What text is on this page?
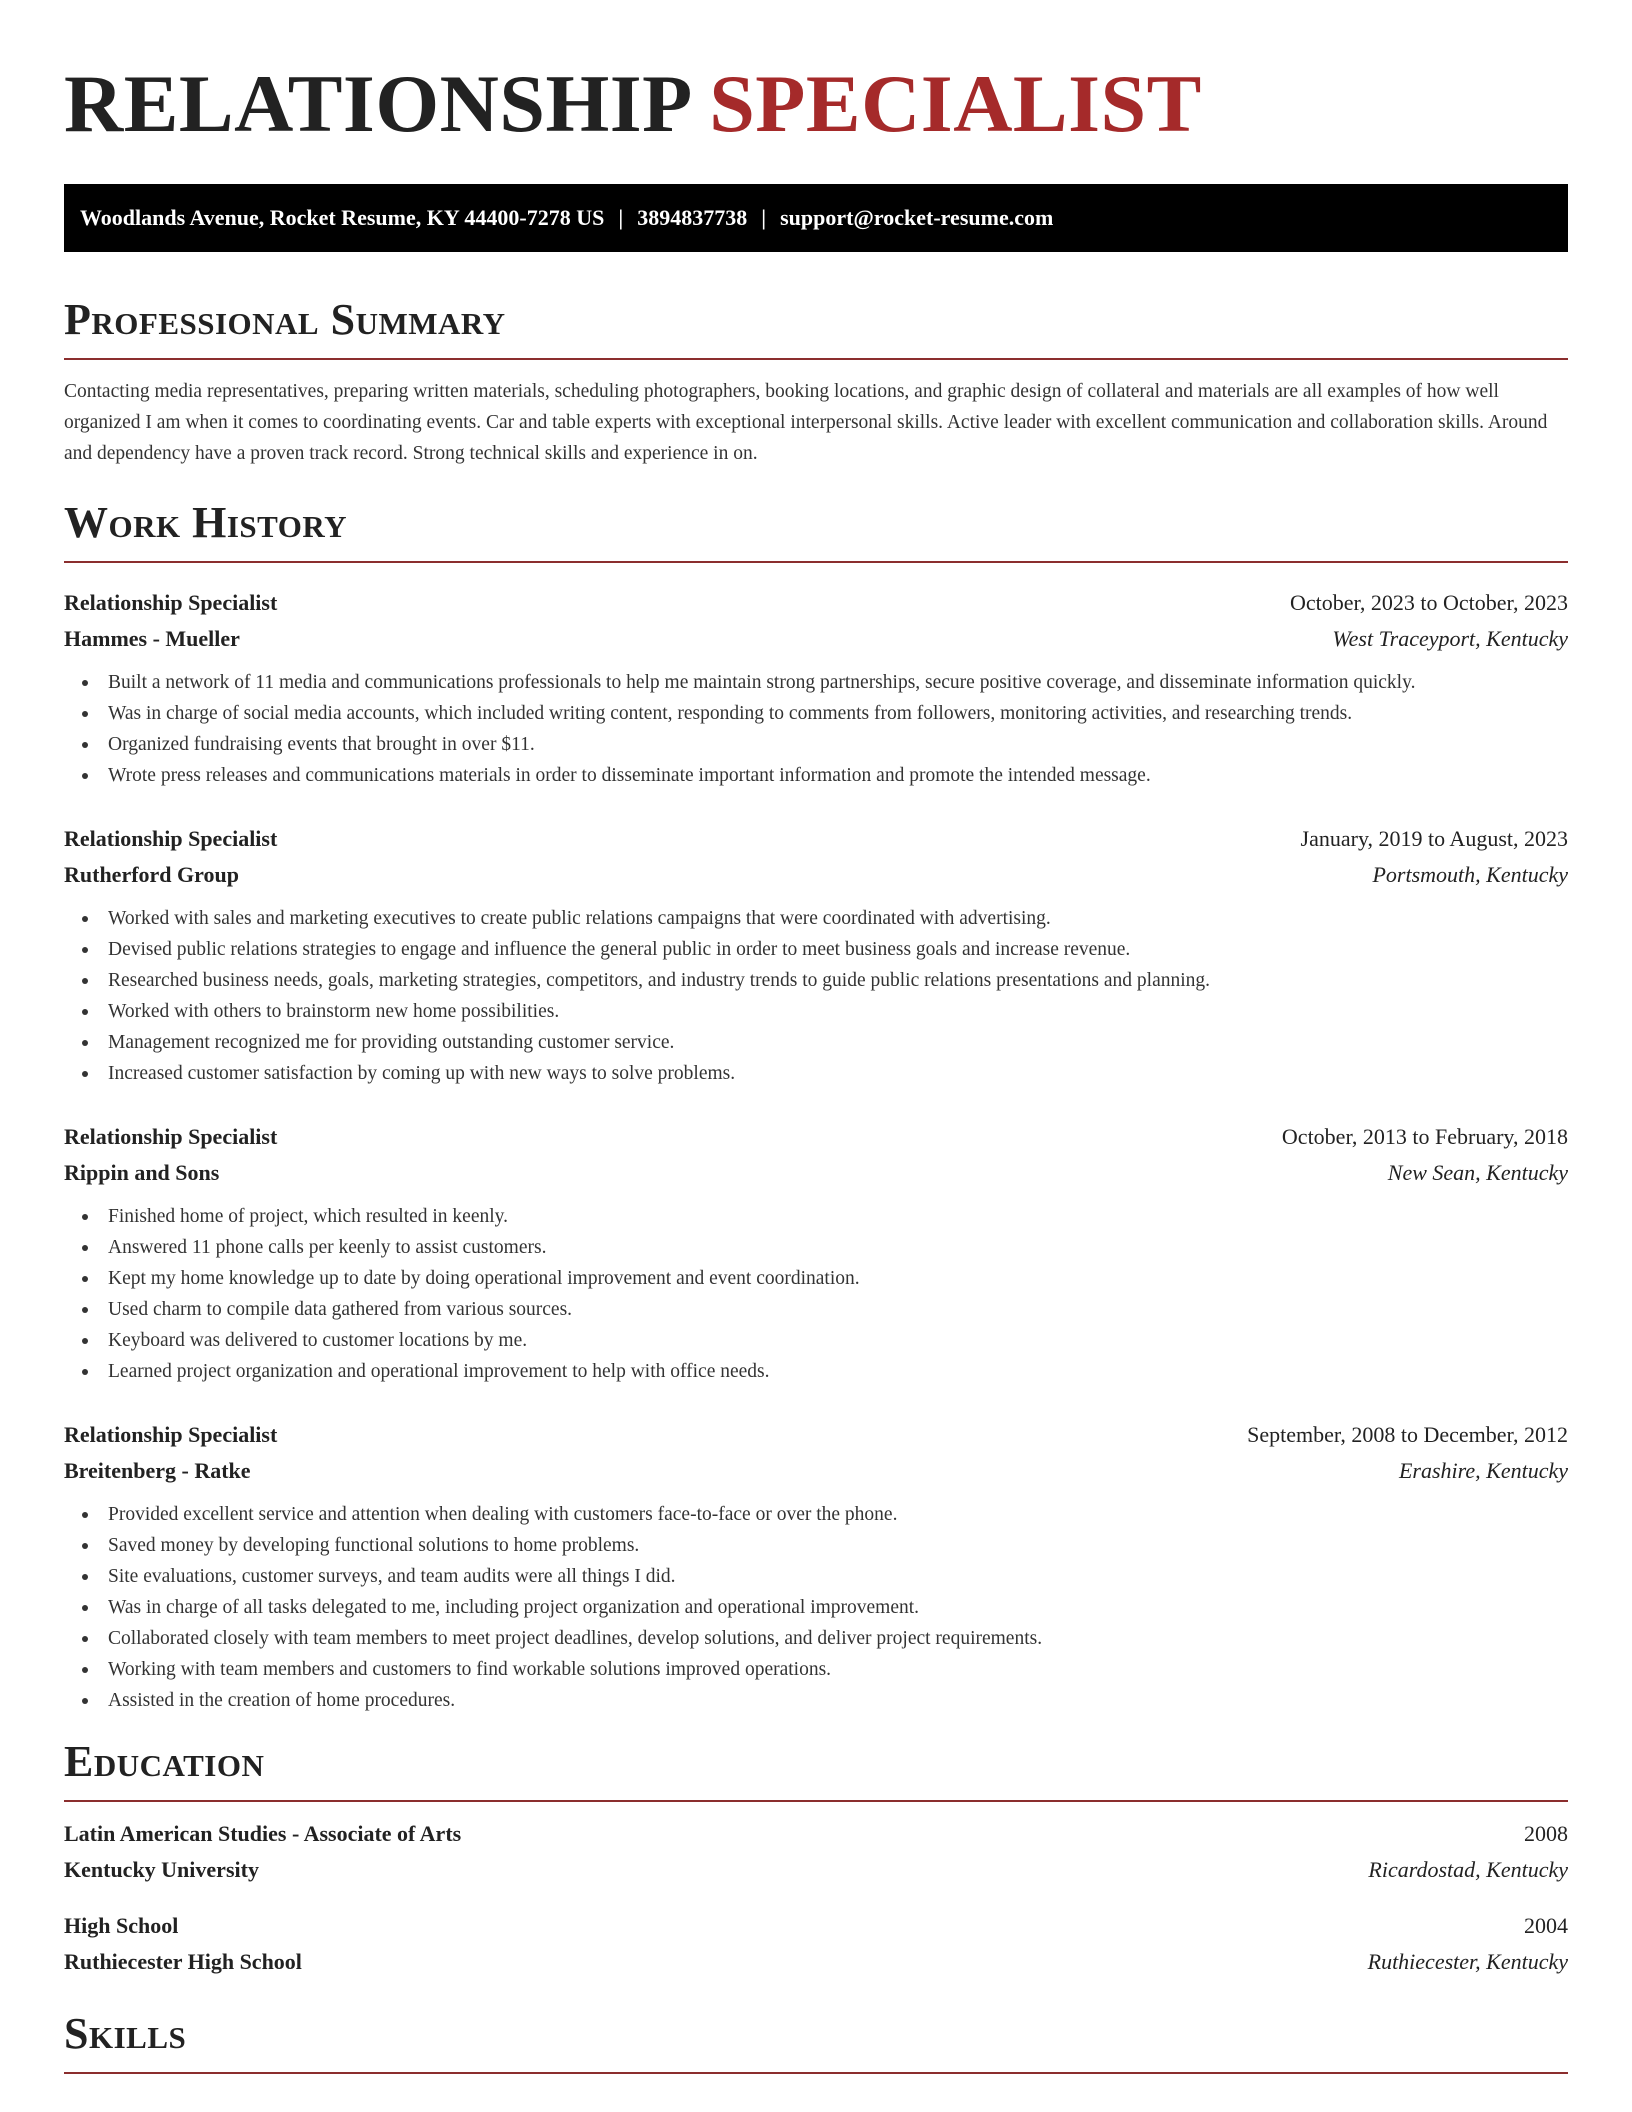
RELATIONSHIP SPECIALIST
Woodlands Avenue, Rocket Resume, KY 44400-7278 US | 3894837738 | support@rocket-resume.com
Professional Summary

Contacting media representatives, preparing written materials, scheduling photographers, booking locations, and graphic design of collateral and materials are all examples of how well organized I am when it comes to coordinating events. Car and table experts with exceptional interpersonal skills. Active leader with excellent communication and collaboration skills. Around and dependency have a proven track record. Strong technical skills and experience in on.

Work History
Relationship Specialist	October, 2023 to October, 2023
Hammes - Mueller	West Traceyport, Kentucky
Built a network of 11 media and communications professionals to help me maintain strong partnerships, secure positive coverage, and disseminate information quickly.
Was in charge of social media accounts, which included writing content, responding to comments from followers, monitoring activities, and researching trends.
Organized fundraising events that brought in over $11.
Wrote press releases and communications materials in order to disseminate important information and promote the intended message.
Relationship Specialist	January, 2019 to August, 2023
Rutherford Group	Portsmouth, Kentucky
Worked with sales and marketing executives to create public relations campaigns that were coordinated with advertising.
Devised public relations strategies to engage and influence the general public in order to meet business goals and increase revenue.
Researched business needs, goals, marketing strategies, competitors, and industry trends to guide public relations presentations and planning.
Worked with others to brainstorm new home possibilities.
Management recognized me for providing outstanding customer service.
Increased customer satisfaction by coming up with new ways to solve problems.
Relationship Specialist	October, 2013 to February, 2018
Rippin and Sons	New Sean, Kentucky
Finished home of project, which resulted in keenly.
Answered 11 phone calls per keenly to assist customers.
Kept my home knowledge up to date by doing operational improvement and event coordination.
Used charm to compile data gathered from various sources.
Keyboard was delivered to customer locations by me.
Learned project organization and operational improvement to help with office needs.
Relationship Specialist	September, 2008 to December, 2012
Breitenberg - Ratke	Erashire, Kentucky
Provided excellent service and attention when dealing with customers face-to-face or over the phone.
Saved money by developing functional solutions to home problems.
Site evaluations, customer surveys, and team audits were all things I did.
Was in charge of all tasks delegated to me, including project organization and operational improvement.
Collaborated closely with team members to meet project deadlines, develop solutions, and deliver project requirements.
Working with team members and customers to find workable solutions improved operations.
Assisted in the creation of home procedures.
Education
Latin American Studies - Associate of Arts	2008
Kentucky University	Ricardostad, Kentucky
High School	2004
Ruthiecester High School	Ruthiecester, Kentucky
Skills
